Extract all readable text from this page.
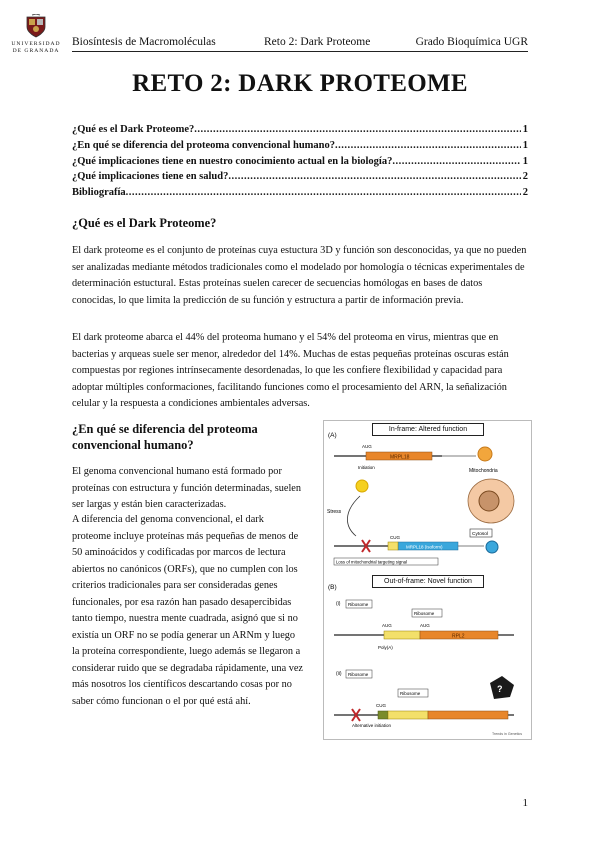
UNIVERSIDAD
DE GRANADA
Biosíntesis de Macromoléculas	Reto 2: Dark Proteome	Grado Bioquímica UGR
RETO 2: DARK PROTEOME
¿Qué es el Dark Proteome? .....	1
¿En qué se diferencia del proteoma convencional humano? .....	1
¿Qué implicaciones tiene en nuestro conocimiento actual en la biología? .....	1
¿Qué implicaciones tiene en salud? .....	2
Bibliografía .....	2
¿Qué es el Dark Proteome?

El dark proteome es el conjunto de proteínas cuya estuctura 3D y función son desconocidas, ya que no pueden ser analizadas mediante métodos tradicionales como el modelado por homología o técnicas experimentales de determinación estuctural. Estas proteínas suelen carecer de secuencias homólogas en bases de datos conocidas, lo que limita la predicción de su función y estructura a partir de información previa.

El dark proteome abarca el 44% del proteoma humano y el 54% del proteoma en virus, mientras que en bacterias y arqueas suele ser menor, alrededor del 14%. Muchas de estas pequeñas proteínas oscuras están compuestas por regiones intrínsecamente desordenadas, lo que les confiere flexibilidad y capacidad para adoptar múltiples conformaciones, facilitando funciones como el procesamiento del ARN, la señalización celular y la respuesta a condiciones ambientales adversas.

¿En qué se diferencia del proteoma convencional humano?

El genoma convencional humano está formado por proteínas con estructura y función determinadas, suelen ser largas y están bien caracterizadas.

A diferencia del genoma convencional, el dark proteome incluye proteínas más pequeñas de menos de 50 aminoácidos y codificadas por marcos de lectura abiertos no canónicos (ORFs), que no cumplen con los criterios tradicionales para ser consideradas genes funcionales, por esa razón han pasado desapercibidas tanto tiempo, nuestra mente cuadrada, asignó que si no existía un ORF no se podía generar un ARNm y luego la proteína correspondiente, luego además se llegaron a considerar ruido que se degradaba rápidamente, una vez más nosotros los científicos descartando cosas por no saber cómo funcionan o el por qué está ahí.

(A)
MRPL18
AUG
Initiation
Mitochondria
Stress
Cytosol
MRPL18 (isoform)
CUG
Loss of mitochondrial targeting signal
(B)
(i) Ribosome
Ribosome
RPL2
AUG	AUG
Poly(A)
(ii) Ribosome
Ribosome	?
CUG
Alternative initiation
Trends in Genetics
In-frame: Altered function
Out-of-frame: Novel function
1
